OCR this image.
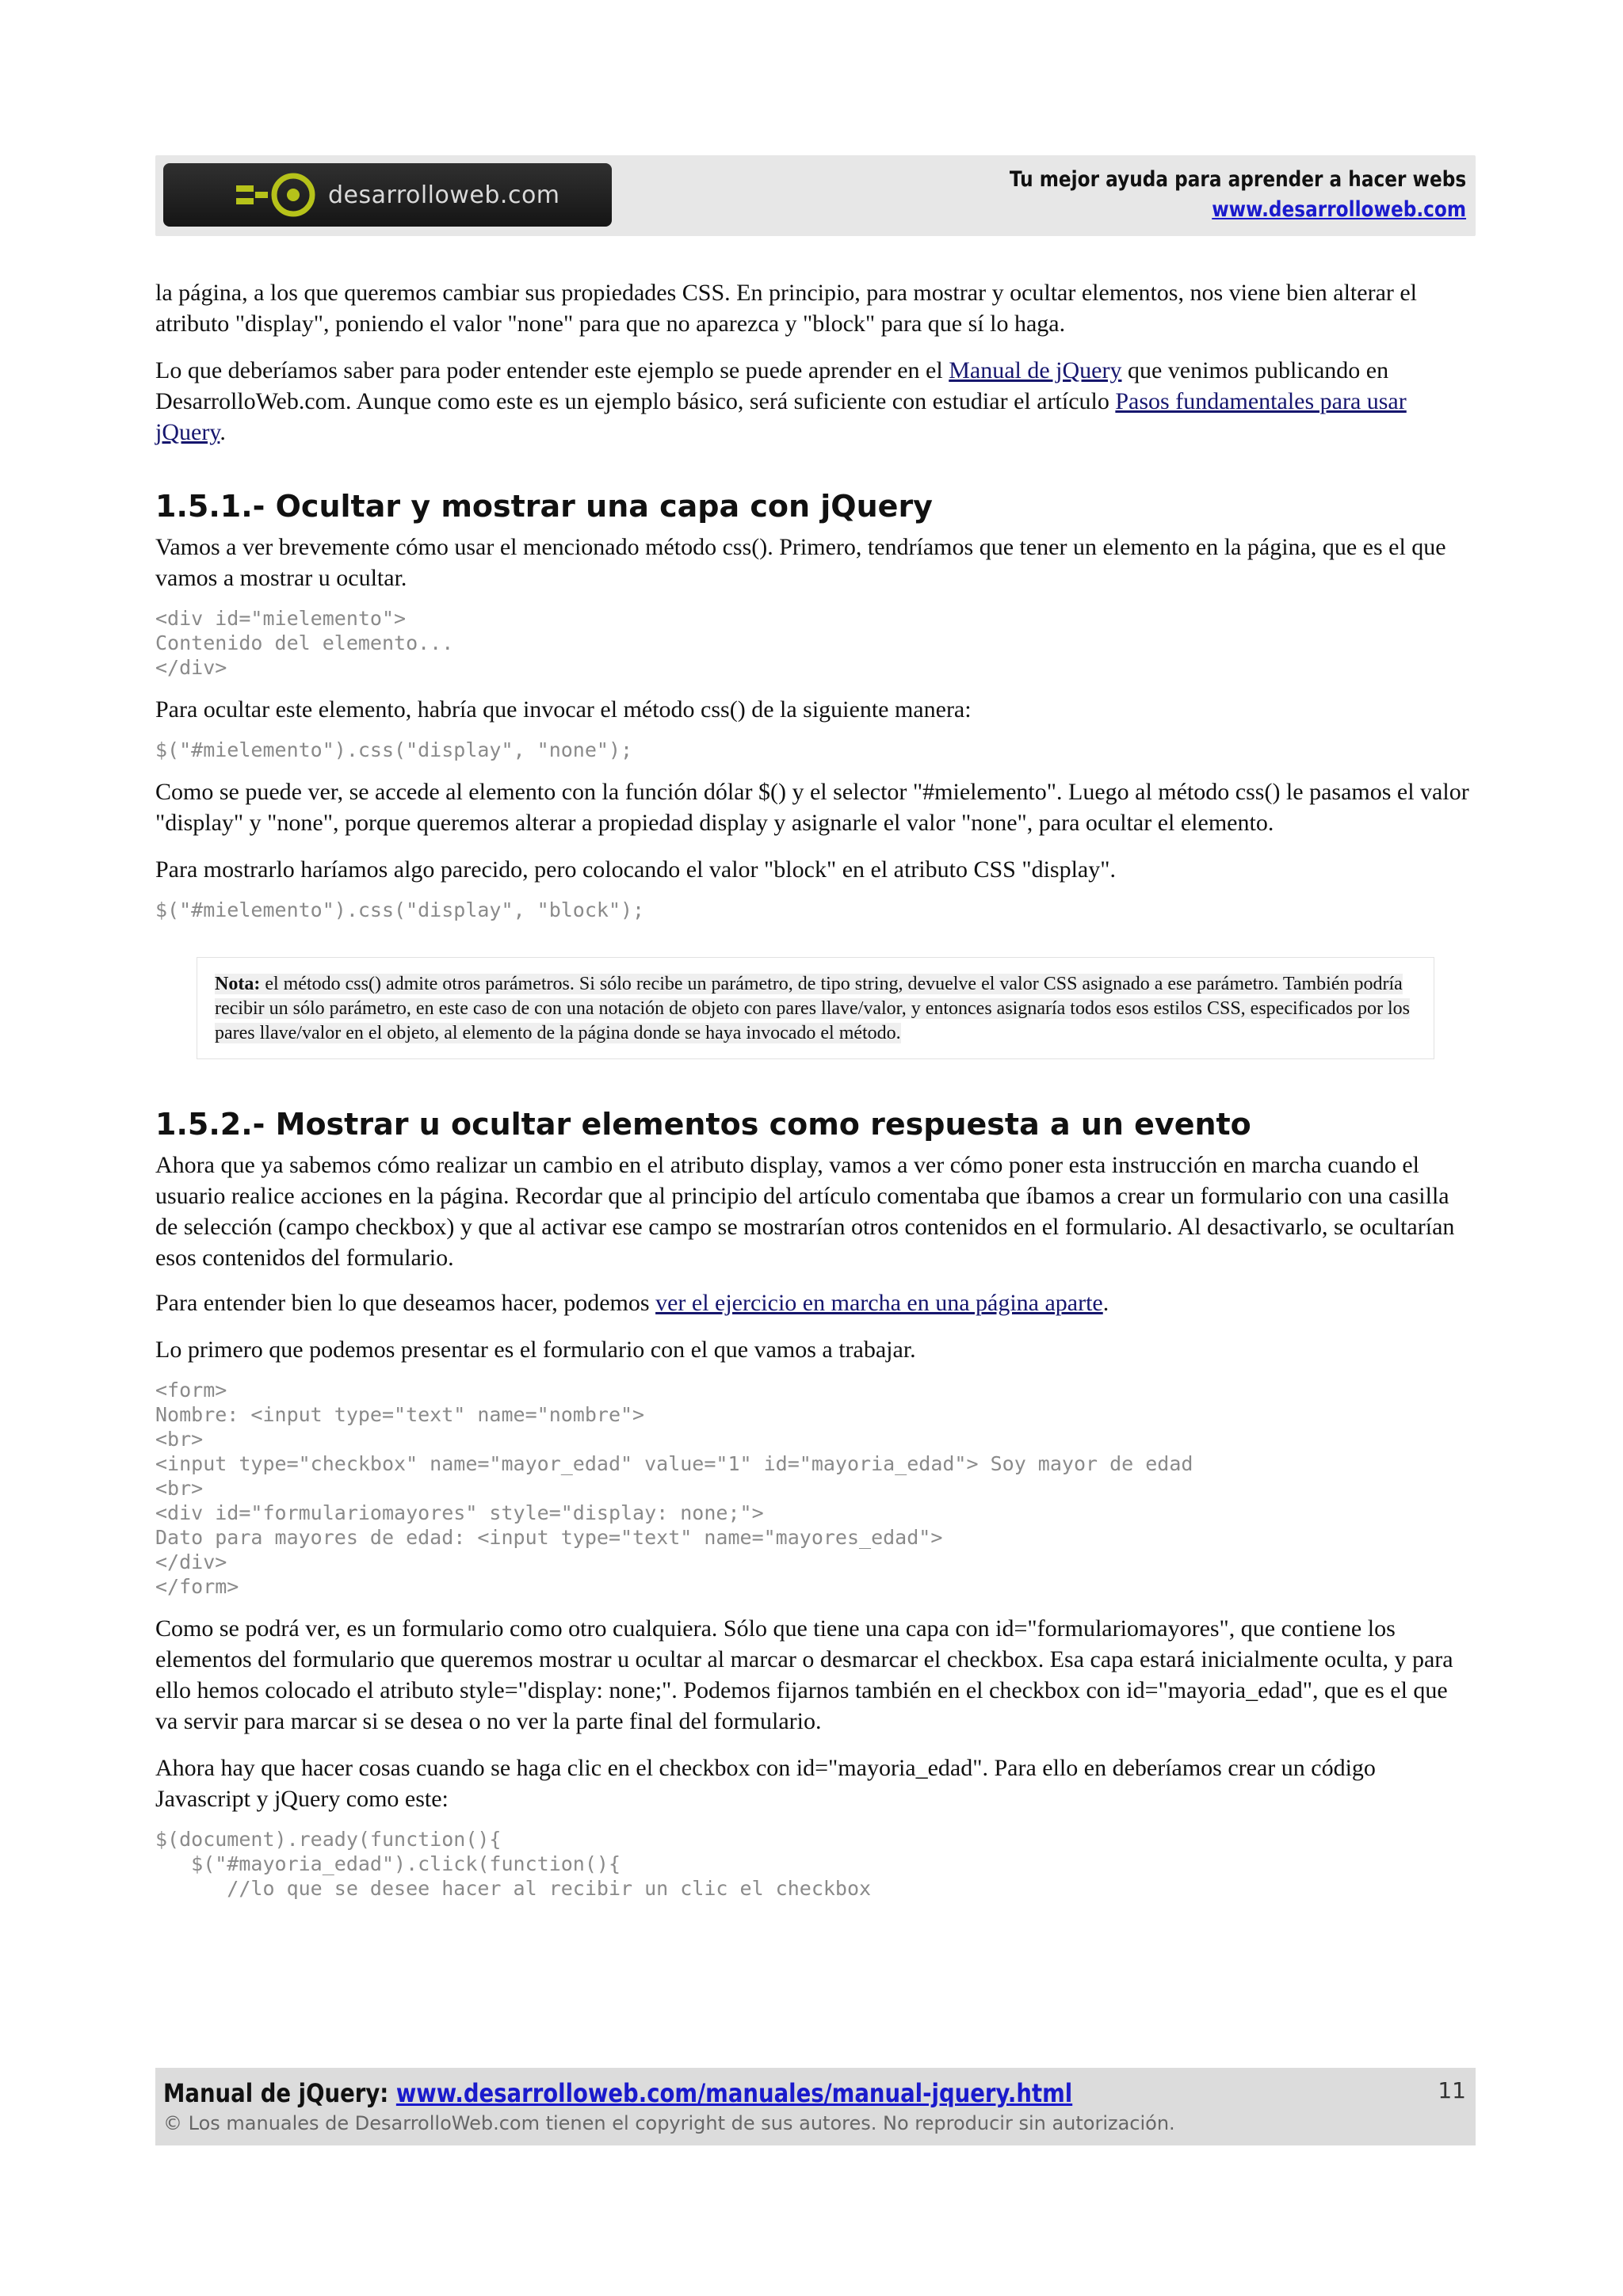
desarrolloweb.com
Tu mejor ayuda para aprender a hacer webs
www.desarrolloweb.com

la página, a los que queremos cambiar sus propiedades CSS. En principio, para mostrar y ocultar elementos, nos viene bien alterar el atributo "display", poniendo el valor "none" para que no aparezca y "block" para que sí lo haga.

Lo que deberíamos saber para poder entender este ejemplo se puede aprender en el Manual de jQuery que venimos publicando en DesarrolloWeb.com. Aunque como este es un ejemplo básico, será suficiente con estudiar el artículo Pasos fundamentales para usar jQuery.

1.5.1.- Ocultar y mostrar una capa con jQuery

Vamos a ver brevemente cómo usar el mencionado método css(). Primero, tendríamos que tener un elemento en la página, que es el que vamos a mostrar u ocultar.

<div id="mielemento">
Contenido del elemento...
</div>

Para ocultar este elemento, habría que invocar el método css() de la siguiente manera:

$("#mielemento").css("display", "none");

Como se puede ver, se accede al elemento con la función dólar $() y el selector "#mielemento". Luego al método css() le pasamos el valor "display" y "none", porque queremos alterar a propiedad display y asignarle el valor "none", para ocultar el elemento.

Para mostrarlo haríamos algo parecido, pero colocando el valor "block" en el atributo CSS "display".

$("#mielemento").css("display", "block");

Nota: el método css() admite otros parámetros. Si sólo recibe un parámetro, de tipo string, devuelve el valor CSS asignado a ese parámetro. También podría recibir un sólo parámetro, en este caso de con una notación de objeto con pares llave/valor, y entonces asignaría todos esos estilos CSS, especificados por los pares llave/valor en el objeto, al elemento de la página donde se haya invocado el método.

1.5.2.- Mostrar u ocultar elementos como respuesta a un evento

Ahora que ya sabemos cómo realizar un cambio en el atributo display, vamos a ver cómo poner esta instrucción en marcha cuando el usuario realice acciones en la página. Recordar que al principio del artículo comentaba que íbamos a crear un formulario con una casilla de selección (campo checkbox) y que al activar ese campo se mostrarían otros contenidos en el formulario. Al desactivarlo, se ocultarían esos contenidos del formulario.

Para entender bien lo que deseamos hacer, podemos ver el ejercicio en marcha en una página aparte.

Lo primero que podemos presentar es el formulario con el que vamos a trabajar.

<form>
Nombre: <input type="text" name="nombre">
<br>
<input type="checkbox" name="mayor_edad" value="1" id="mayoria_edad"> Soy mayor de edad
<br>
<div id="formulariomayores" style="display: none;">
Dato para mayores de edad: <input type="text" name="mayores_edad">
</div>
</form>

Como se podrá ver, es un formulario como otro cualquiera. Sólo que tiene una capa con id="formulariomayores", que contiene los elementos del formulario que queremos mostrar u ocultar al marcar o desmarcar el checkbox. Esa capa estará inicialmente oculta, y para ello hemos colocado el atributo style="display: none;". Podemos fijarnos también en el checkbox con id="mayoria_edad", que es el que va servir para marcar si se desea o no ver la parte final del formulario.

Ahora hay que hacer cosas cuando se haga clic en el checkbox con id="mayoria_edad". Para ello en deberíamos crear un código Javascript y jQuery como este:

$(document).ready(function(){
$("#mayoria_edad").click(function(){
//lo que se desee hacer al recibir un clic el checkbox
Manual de jQuery: www.desarrolloweb.com/manuales/manual-jquery.html
© Los manuales de DesarrolloWeb.com tienen el copyright de sus autores. No reproducir sin autorización.
11
